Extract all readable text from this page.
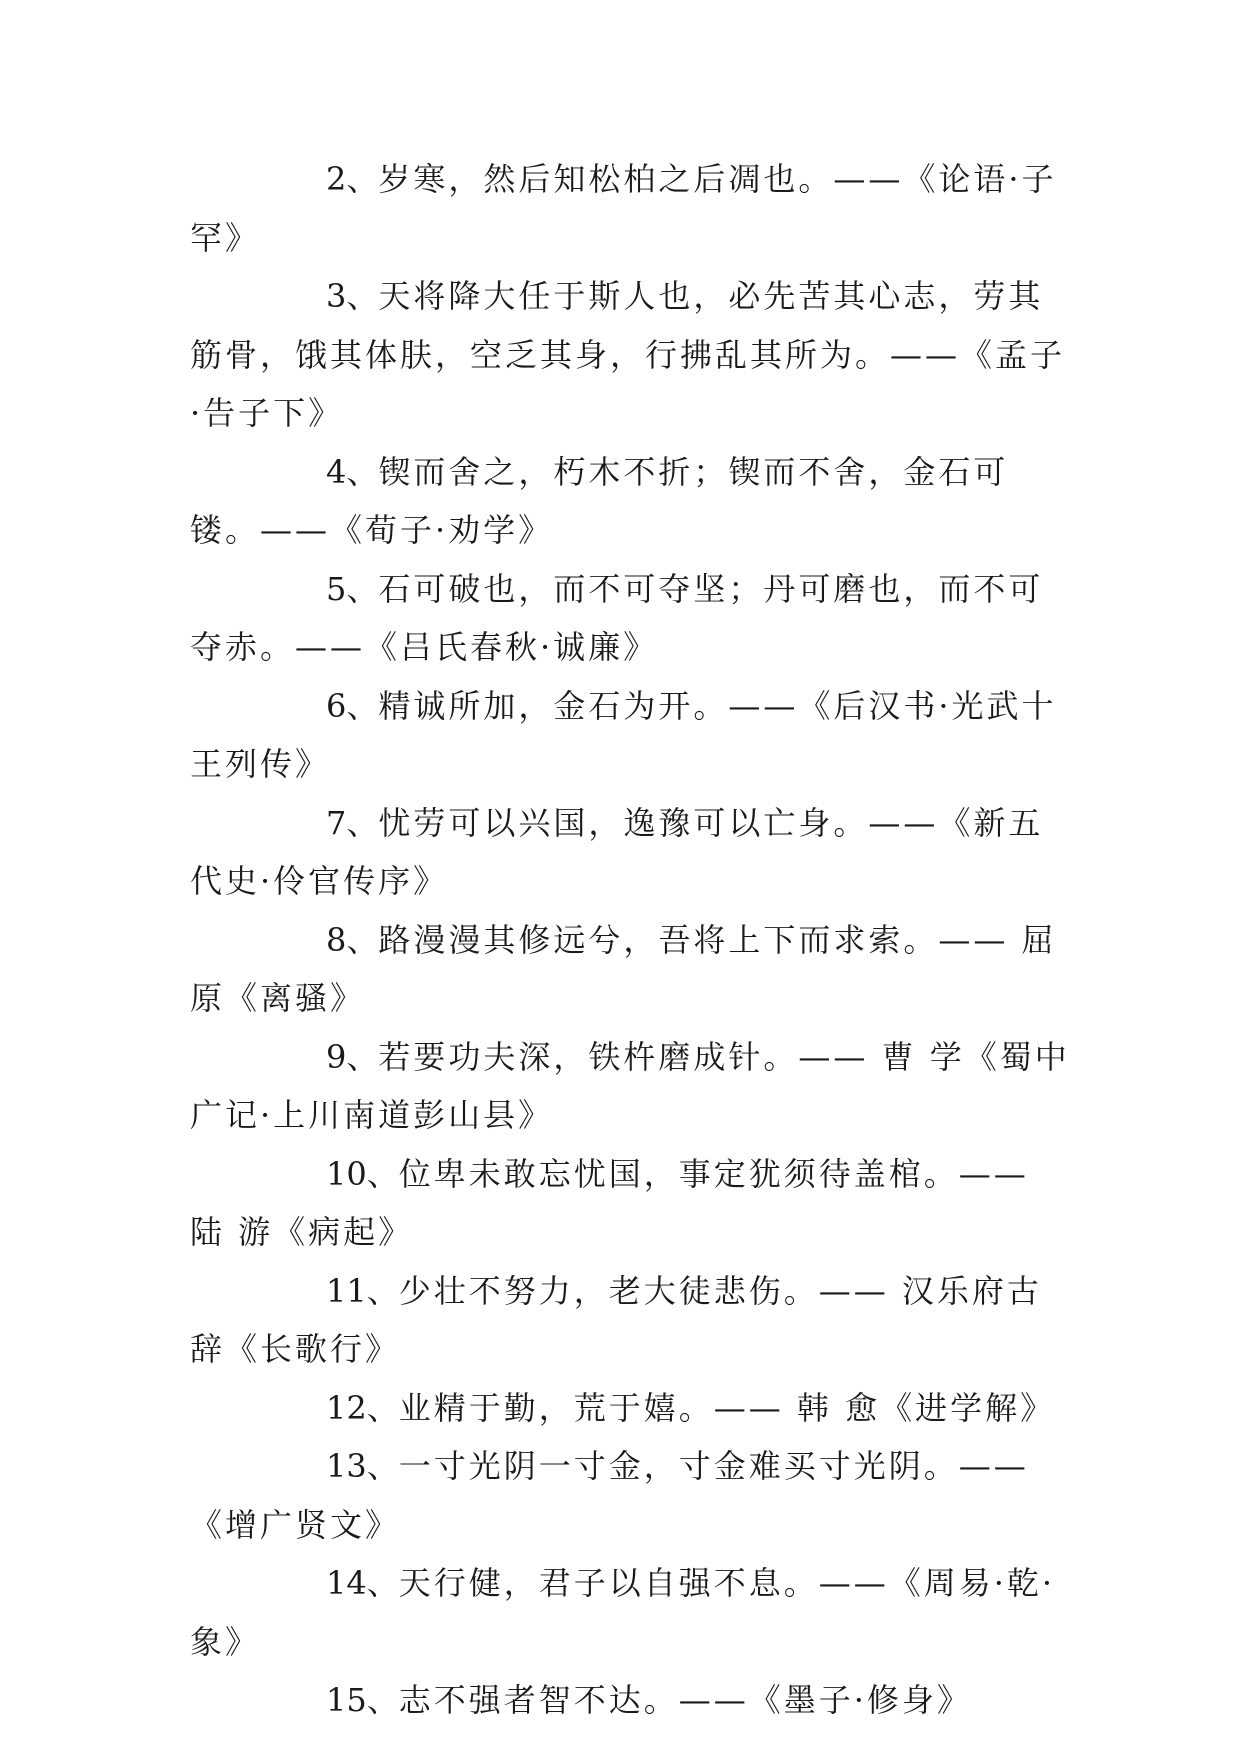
2、岁寒，然后知松柏之后凋也。——《论语·子罕》

3、天将降大任于斯人也，必先苦其心志，劳其筋骨，饿其体肤，空乏其身，行拂乱其所为。——《孟子·告子下》

4、锲而舍之，朽木不折；锲而不舍，金石可镂。——《荀子·劝学》

5、石可破也，而不可夺坚；丹可磨也，而不可夺赤。——《吕氏春秋·诚廉》

6、精诚所加，金石为开。——《后汉书·光武十王列传》

7、忧劳可以兴国，逸豫可以亡身。——《新五代史·伶官传序》

8、路漫漫其修远兮，吾将上下而求索。—— 屈 原《离骚》

9、若要功夫深，铁杵磨成针。—— 曹 学《蜀中广记·上川南道彭山县》

10、位卑未敢忘忧国，事定犹须待盖棺。—— 陆 游《病起》

11、少壮不努力，老大徒悲伤。—— 汉乐府古辞《长歌行》

12、业精于勤，荒于嬉。—— 韩 愈《进学解》

13、一寸光阴一寸金，寸金难买寸光阴。——《增广贤文》

14、天行健，君子以自强不息。——《周易·乾·象》

15、志不强者智不达。——《墨子·修身》
